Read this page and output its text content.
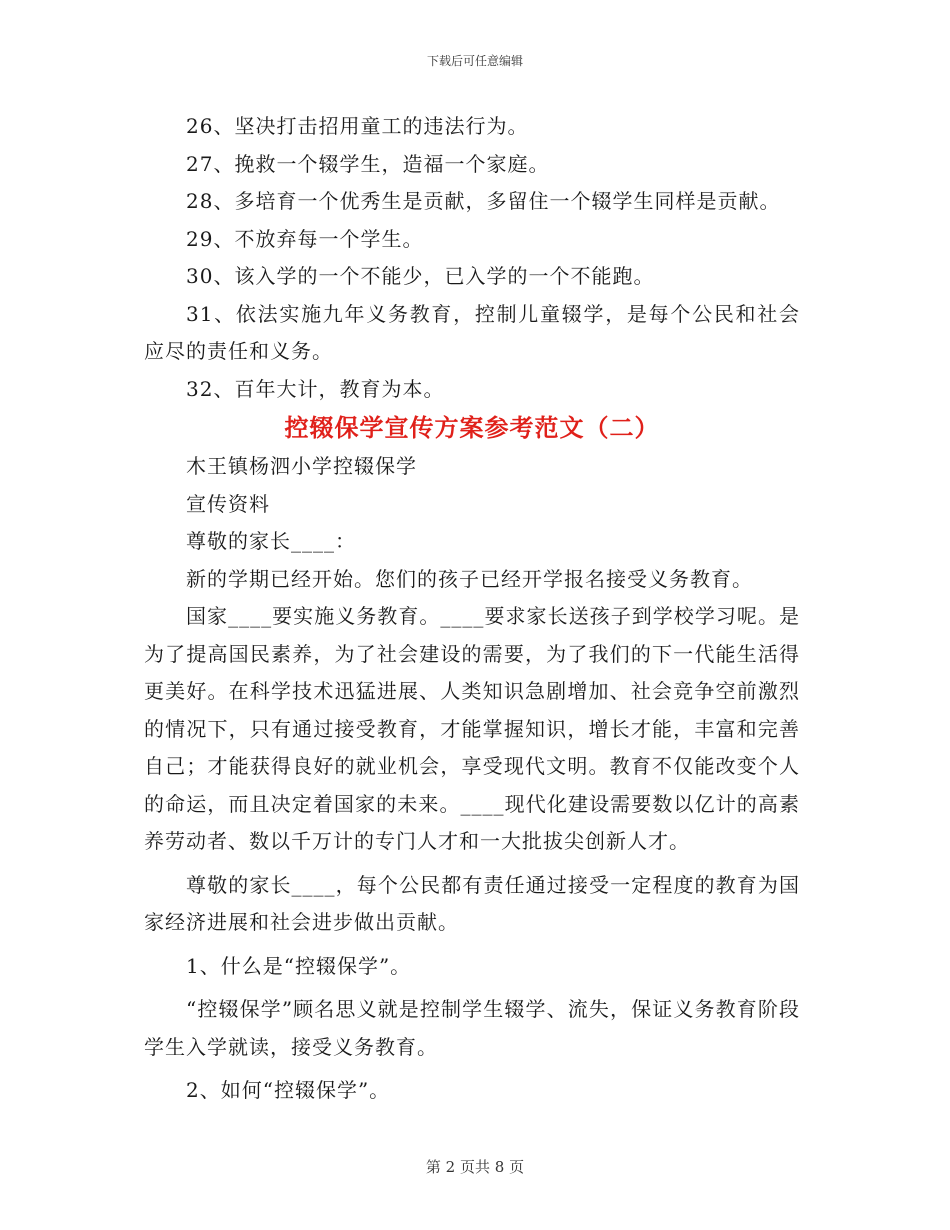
下载后可任意编辑

26、坚决打击招用童工的违法行为。

27、挽救一个辍学生，造福一个家庭。

28、多培育一个优秀生是贡献，多留住一个辍学生同样是贡献。

29、不放弃每一个学生。

30、该入学的一个不能少，已入学的一个不能跑。

31、依法实施九年义务教育，控制儿童辍学，是每个公民和社会应尽的责任和义务。

32、百年大计，教育为本。

控辍保学宣传方案参考范文（二）

木王镇杨泗小学控辍保学

宣传资料

尊敬的家长____：

新的学期已经开始。您们的孩子已经开学报名接受义务教育。

国家____要实施义务教育。____要求家长送孩子到学校学习呢。是为了提高国民素养，为了社会建设的需要，为了我们的下一代能生活得更美好。在科学技术迅猛进展、人类知识急剧增加、社会竞争空前激烈的情况下，只有通过接受教育，才能掌握知识，增长才能，丰富和完善自己；才能获得良好的就业机会，享受现代文明。教育不仅能改变个人的命运，而且决定着国家的未来。____现代化建设需要数以亿计的高素养劳动者、数以千万计的专门人才和一大批拔尖创新人才。

尊敬的家长____，每个公民都有责任通过接受一定程度的教育为国家经济进展和社会进步做出贡献。

1、什么是“控辍保学”。

“控辍保学”顾名思义就是控制学生辍学、流失，保证义务教育阶段学生入学就读，接受义务教育。

2、如何“控辍保学”。

第 2 页共 8 页
